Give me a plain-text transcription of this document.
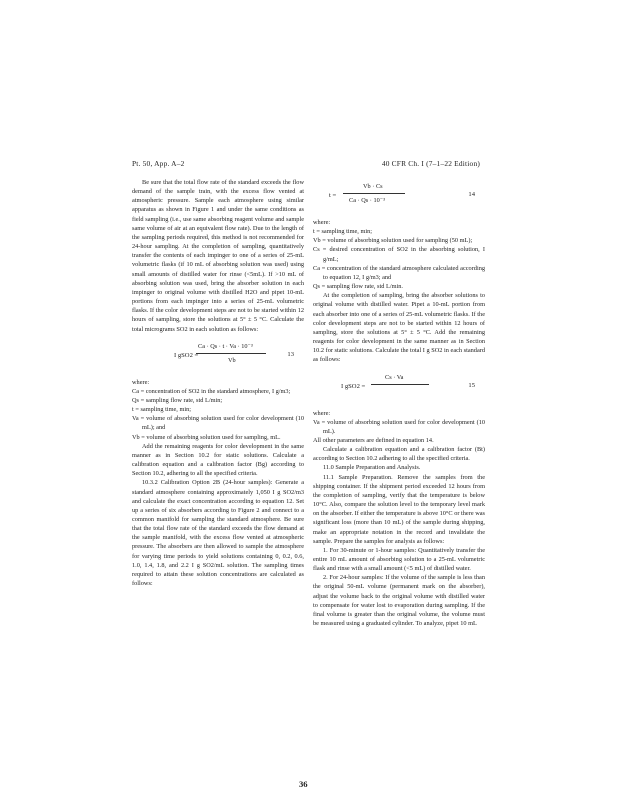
Pt. 50, App. A–2	40 CFR Ch. I (7–1–22 Edition)

Be sure that the total flow rate of the standard exceeds the flow demand of the sample train, with the excess flow vented at atmospheric pressure. Sample each atmosphere using similar apparatus as shown in Figure 1 and under the same conditions as field sampling (i.e., use same absorbing reagent volume and sample same volume of air at an equivalent flow rate). Due to the length of the sampling periods required, this method is not recommended for 24-hour sampling. At the completion of sampling, quantitatively transfer the contents of each impinger to one of a series of 25-mL volumetric flasks (if 10 mL of absorbing solution was used) using small amounts of distilled water for rinse (<5mL). If >10 mL of absorbing solution was used, bring the absorber solution in each impinger to original volume with distilled H2O and pipet 10-mL portions from each impinger into a series of 25-mL volumetric flasks. If the color development steps are not to be started within 12 hours of sampling, store the solutions at 5° ± 5 °C. Calculate the total micrograms SO2 in each solution as follows:

I gSO2 =
Ca · Qs · t · Va · 10⁻³
Vb
13

where:

Ca = concentration of SO2 in the standard atmosphere, I g/m3;

Qs = sampling flow rate, std L/min;

t = sampling time, min;

Va = volume of absorbing solution used for color development (10 mL); and

Vb = volume of absorbing solution used for sampling, mL.

Add the remaining reagents for color development in the same manner as in Section 10.2 for static solutions. Calculate a calibration equation and a calibration factor (Bg) according to Section 10.2, adhering to all the specified criteria.

10.3.2 Calibration Option 2B (24-hour samples): Generate a standard atmosphere containing approximately 1,050 I g SO2/m3 and calculate the exact concentration according to equation 12. Set up a series of six absorbers according to Figure 2 and connect to a common manifold for sampling the standard atmosphere. Be sure that the total flow rate of the standard exceeds the flow demand at the sample manifold, with the excess flow vented at atmospheric pressure. The absorbers are then allowed to sample the atmosphere for varying time periods to yield solutions containing 0, 0.2, 0.6, 1.0, 1.4, 1.8, and 2.2 I g SO2/mL solution. The sampling times required to attain these solution concentrations are calculated as follows:

t =
Vb · Cs
Ca · Qs · 10⁻³
14

where:

t = sampling time, min;

Vb = volume of absorbing solution used for sampling (50 mL);

Cs = desired concentration of SO2 in the absorbing solution, I g/mL;

Ca = concentration of the standard atmosphere calculated according to equation 12, I g/m3; and

Qs = sampling flow rate, std L/min.

At the completion of sampling, bring the absorber solutions to original volume with distilled water. Pipet a 10-mL portion from each absorber into one of a series of 25-mL volumetric flasks. If the color development steps are not to be started within 12 hours of sampling, store the solutions at 5° ± 5 °C. Add the remaining reagents for color development in the same manner as in Section 10.2 for static solutions. Calculate the total I g SO2 in each standard as follows:

I gSO2 =
Cs · Va
15

where:

Va = volume of absorbing solution used for color development (10 mL).

All other parameters are defined in equation 14.

Calculate a calibration equation and a calibration factor (Bt) according to Section 10.2 adhering to all the specified criteria.

11.0 Sample Preparation and Analysis.

11.1 Sample Preparation. Remove the samples from the shipping container. If the shipment period exceeded 12 hours from the completion of sampling, verify that the temperature is below 10°C. Also, compare the solution level to the temporary level mark on the absorber. If either the temperature is above 10°C or there was significant loss (more than 10 mL) of the sample during shipping, make an appropriate notation in the record and invalidate the sample. Prepare the samples for analysis as follows:

1. For 30-minute or 1-hour samples: Quantitatively transfer the entire 10 mL amount of absorbing solution to a 25-mL volumetric flask and rinse with a small amount (<5 mL) of distilled water.

2. For 24-hour samples: If the volume of the sample is less than the original 50-mL volume (permanent mark on the absorber), adjust the volume back to the original volume with distilled water to compensate for water lost to evaporation during sampling. If the final volume is greater than the original volume, the volume must be measured using a graduated cylinder. To analyze, pipet 10 mL

36
